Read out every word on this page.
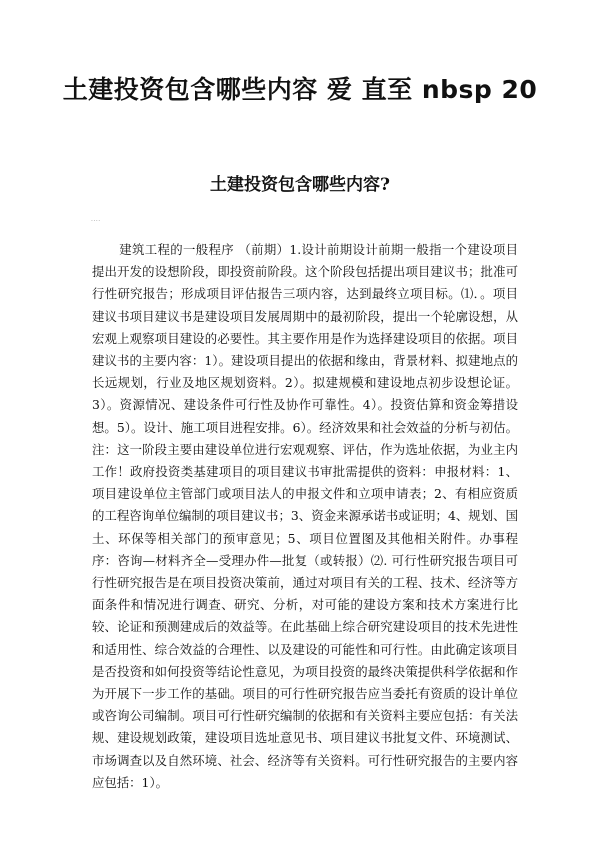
土建投资包含哪些内容 爱 直至 nbsp 20
土建投资包含哪些内容?
....

建筑工程的一般程序 （前期）1.设计前期设计前期一般指一个建设项目提出开发的设想阶段，即投资前阶段。这个阶段包括提出项目建议书；批准可行性研究报告；形成项目评估报告三项内容，达到最终立项目标。⑴．。项目建议书项目建议书是建设项目发展周期中的最初阶段，提出一个轮廓设想，从宏观上观察项目建设的必要性。其主要作用是作为选择建设项目的依据。项目建议书的主要内容：1）。建设项目提出的依据和缘由，背景材料、拟建地点的长远规划，行业及地区规划资料。2）。拟建规模和建设地点初步设想论证。3）。资源情况、建设条件可行性及协作可靠性。4）。投资估算和资金筹措设想。5）。设计、施工项目进程安排。6）。经济效果和社会效益的分析与初估。注：这一阶段主要由建设单位进行宏观观察、评估，作为选址依据，为业主内工作！政府投资类基建项目的项目建议书审批需提供的资料：申报材料：1、项目建设单位主管部门或项目法人的申报文件和立项申请表；2、有相应资质的工程咨询单位编制的项目建议书；3、资金来源承诺书或证明；4、规划、国土、环保等相关部门的预审意见；5、项目位置图及其他相关附件。办事程序：咨询—材料齐全—受理办件—批复（或转报）⑵. 可行性研究报告项目可行性研究报告是在项目投资决策前，通过对项目有关的工程、技术、经济等方面条件和情况进行调查、研究、分析，对可能的建设方案和技术方案进行比较、论证和预测建成后的效益等。在此基础上综合研究建设项目的技术先进性和适用性、综合效益的合理性、以及建设的可能性和可行性。由此确定该项目是否投资和如何投资等结论性意见，为项目投资的最终决策提供科学依据和作为开展下一步工作的基础。项目的可行性研究报告应当委托有资质的设计单位或咨询公司编制。项目可行性研究编制的依据和有关资料主要应包括：有关法规、建设规划政策，建设项目选址意见书、项目建议书批复文件、环境测试、市场调查以及自然环境、社会、经济等有关资料。可行性研究报告的主要内容应包括：1）。
